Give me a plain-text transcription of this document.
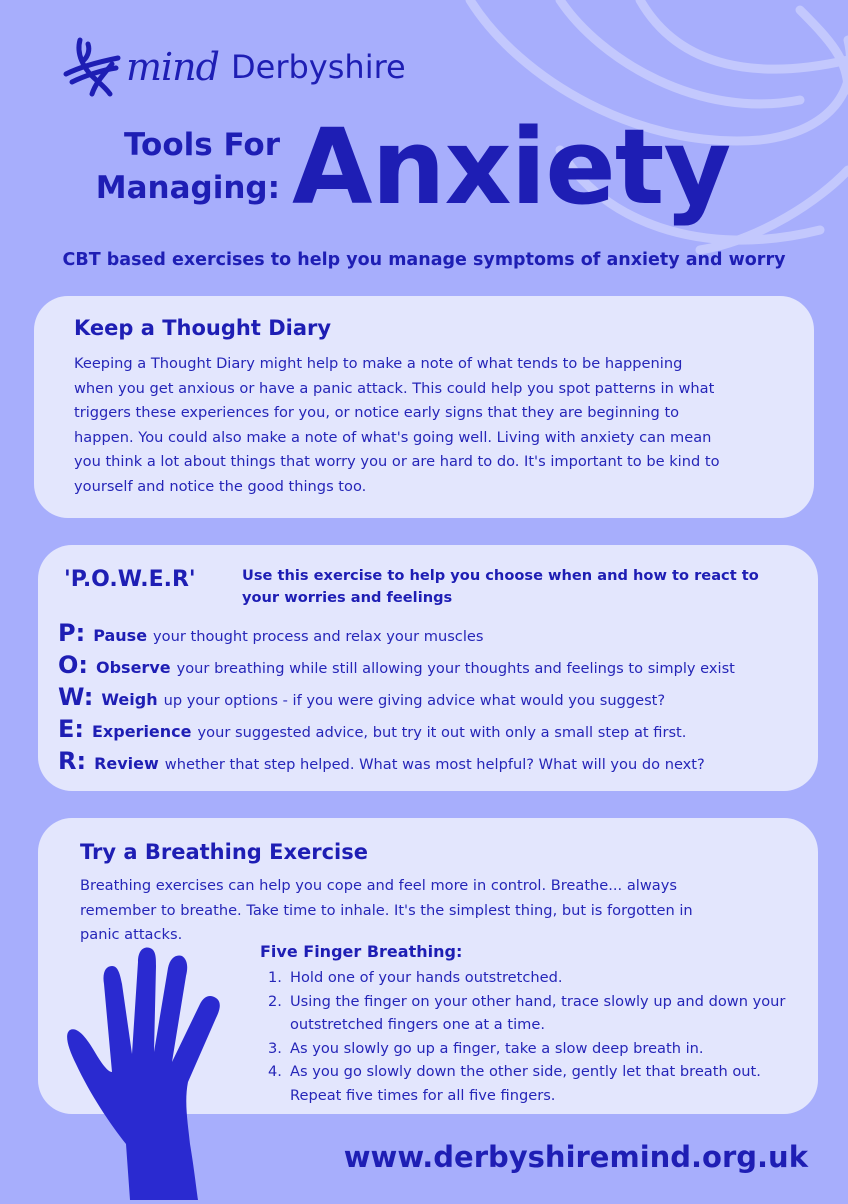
mind Derbyshire
Tools For
Managing: Anxiety
CBT based exercises to help you manage symptoms of anxiety and worry
Keep a Thought Diary
Keeping a Thought Diary might help to make a note of what tends to be happening
when you get anxious or have a panic attack. This could help you spot patterns in what
triggers these experiences for you, or notice early signs that they are beginning to
happen. You could also make a note of what's going well. Living with anxiety can mean
you think a lot about things that worry you or are hard to do. It's important to be kind to
yourself and notice the good things too.
'P.O.W.E.R'	Use this exercise to help you choose when and how to react to your worries and feelings
P: Pause your thought process and relax your muscles
O: Observe your breathing while still allowing your thoughts and feelings to simply exist
W: Weigh up your options - if you were giving advice what would you suggest?
E: Experience your suggested advice, but try it out with only a small step at first.
R: Review whether that step helped. What was most helpful? What will you do next?
Try a Breathing Exercise
Breathing exercises can help you cope and feel more in control. Breathe... always
remember to breathe. Take time to inhale. It's the simplest thing, but is forgotten in
panic attacks.
Five Finger Breathing:
1. Hold one of your hands outstretched.
2. Using the finger on your other hand, trace slowly up and down your outstretched fingers one at a time.
3. As you slowly go up a finger, take a slow deep breath in.
4. As you go slowly down the other side, gently let that breath out. Repeat five times for all five fingers.
www.derbyshiremind.org.uk
